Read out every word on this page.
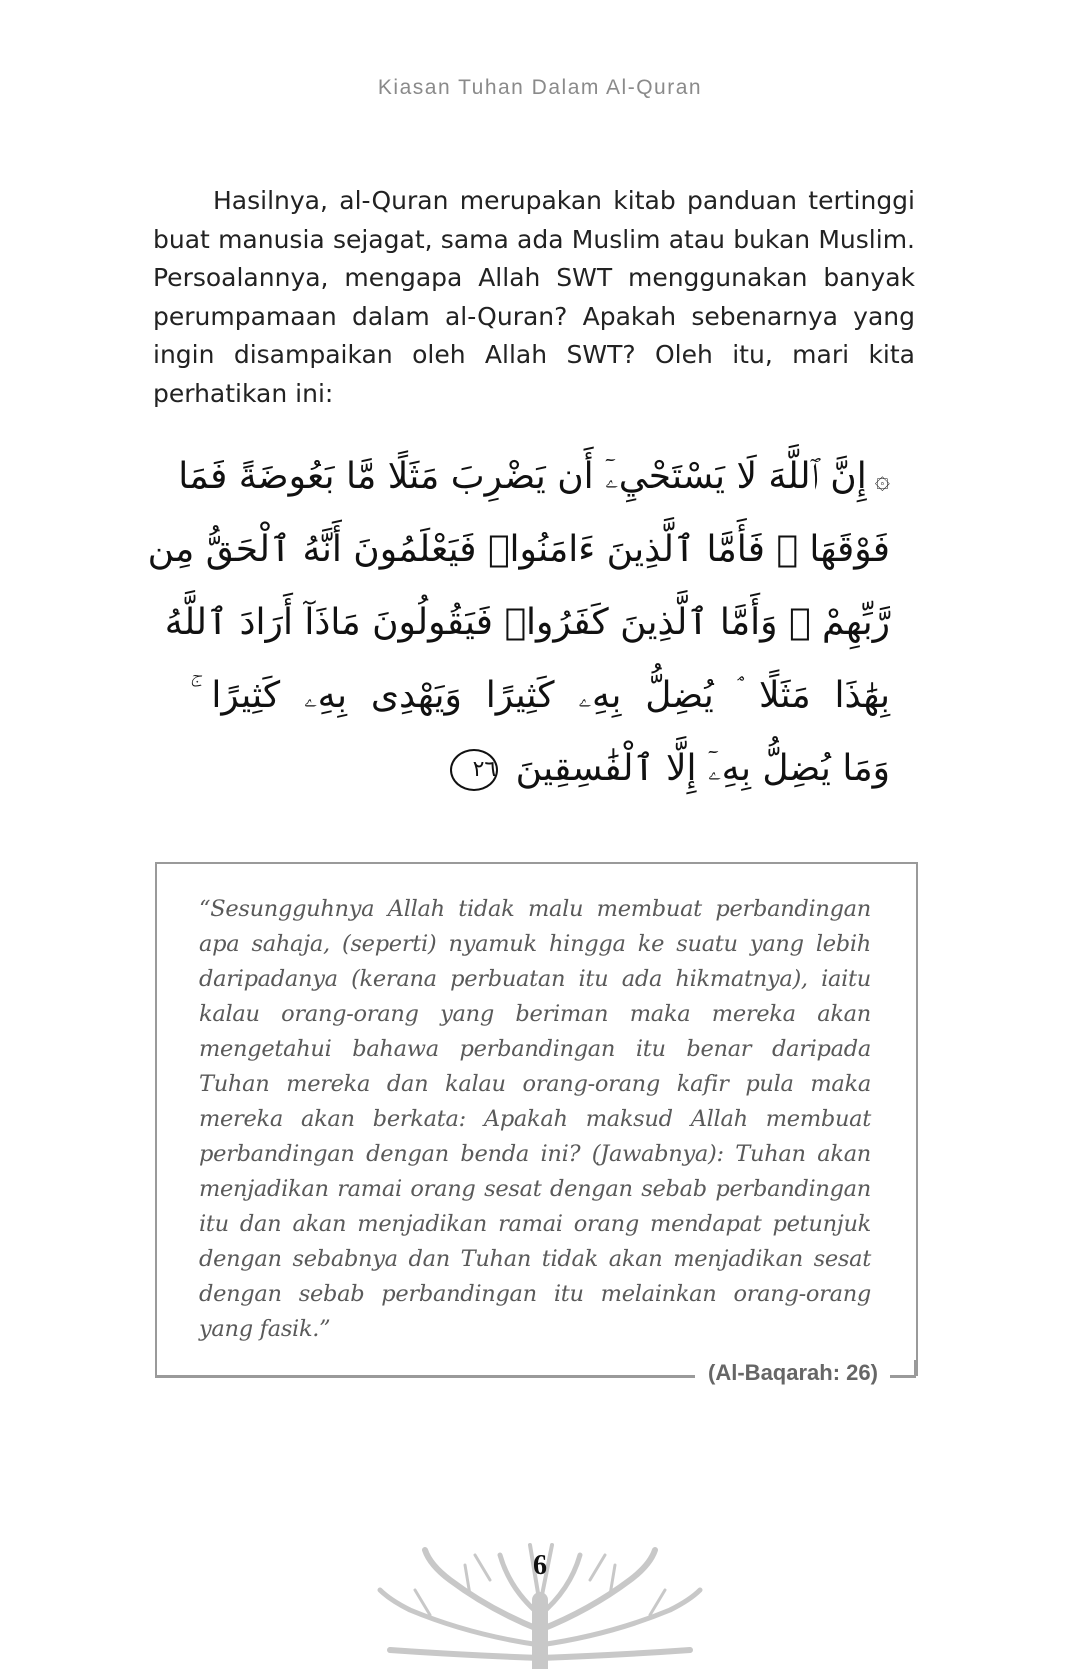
Kiasan Tuhan Dalam Al-Quran
Hasilnya, al-Quran merupakan kitab panduan tertinggi buat manusia sejagat, sama ada Muslim atau bukan Muslim. Persoalannya, mengapa Allah SWT menggunakan banyak perumpamaan dalam al-Quran? Apakah sebenarnya yang ingin disampaikan oleh Allah SWT? Oleh itu, mari kita perhatikan ini:
۞إِنَّ ٱللَّهَ لَا يَسْتَحْيِۦٓ أَن يَضْرِبَ مَثَلًا مَّا بَعُوضَةً فَمَا
فَوْقَهَا ۚ فَأَمَّا ٱلَّذِينَ ءَامَنُوا۟ فَيَعْلَمُونَ أَنَّهُ ٱلْحَقُّ مِن
رَّبِّهِمْ ۖ وَأَمَّا ٱلَّذِينَ كَفَرُوا۟ فَيَقُولُونَ مَاذَآ أَرَادَ ٱللَّهُ
بِهَٰذَا مَثَلًا ۘ يُضِلُّ بِهِۦ كَثِيرًا وَيَهْدِى بِهِۦ كَثِيرًا ۚ
وَمَا يُضِلُّ بِهِۦٓ إِلَّا ٱلْفَٰسِقِينَ ٢٦
“Sesungguhnya Allah tidak malu membuat perbandingan apa sahaja, (seperti) nyamuk hingga ke suatu yang lebih daripadanya (kerana perbuatan itu ada hikmatnya), iaitu kalau orang-orang yang beriman maka mereka akan mengetahui bahawa perbandingan itu benar daripada Tuhan mereka dan kalau orang-orang kafir pula maka mereka akan berkata: Apakah maksud Allah membuat perbandingan dengan benda ini? (Jawabnya): Tuhan akan menjadikan ramai orang sesat dengan sebab perbandingan itu dan akan menjadikan ramai orang mendapat petunjuk dengan sebabnya dan Tuhan tidak akan menjadikan sesat dengan sebab perbandingan itu melainkan orang-orang yang fasik.”
(Al-Baqarah: 26)
6
